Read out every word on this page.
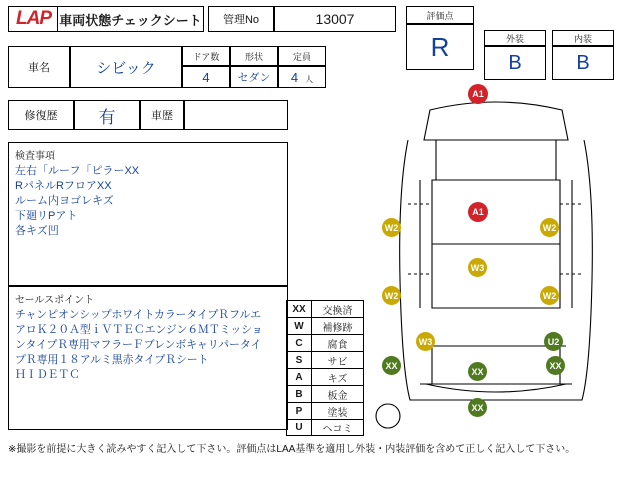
LAP 車両状態チェックシート	管理No	13007	評価点
R	外装
B
内装
B
車名	シビック
ドア数
4
形状
セダン
定員
4 人
修復歴	有	車歴
検査事項
左右「ルーフ「ピラーXX
RパネルRフロアXX
ルーム内ヨゴレキズ
下廻リPアト
各キズ凹
セールスポイント
チャンピオンシップホワイトカラータイプＲフルエ
アロＫ２０Ａ型ｉＶＴＥＣエンジン６ＭＴミッショ
ンタイプＲ専用マフラーＦブレンボキャリパータイ
プＲ専用１８アルミ黒赤タイプＲシート
ＨＩＤＥＴＣ
XX	交換済
W	補修跡
C	腐食
S	サビ
A	キズ
B	板金
P	塗装
U	ヘコミ
A1
A1
W2	W2
W3
W2	W2
W3	U2
XX
XX
XX
XX
※撮影を前提に大きく読みやすく記入して下さい。評価点はLAA基準を適用し外装・内装評価を含めて正しく記入して下さい。
